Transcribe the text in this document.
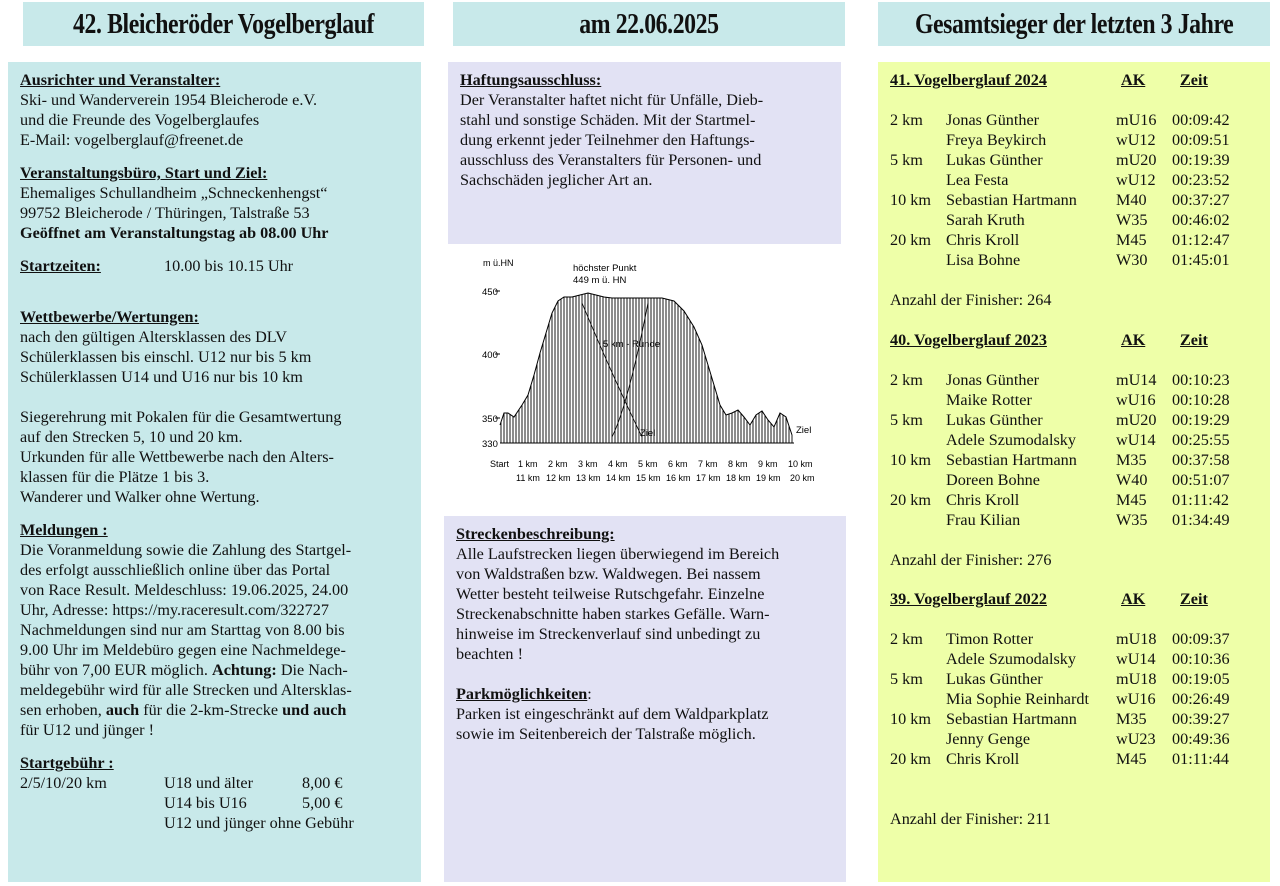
42. Bleicheröder Vogelberglauf	am 22.06.2025	Gesamtsieger der letzten 3 Jahre
Ausrichter und Veranstalter:
Ski- und Wanderverein 1954 Bleicherode e.V.
und die Freunde des Vogelberglaufes
E-Mail: vogelberglauf@freenet.de
Veranstaltungsbüro, Start und Ziel:
Ehemaliges Schullandheim „Schneckenhengst“
99752 Bleicherode / Thüringen, Talstraße 53
Geöffnet am Veranstaltungstag ab 08.00 Uhr
Startzeiten:	10.00 bis 10.15 Uhr
Wettbewerbe/Wertungen:
nach den gültigen Altersklassen des DLV
Schülerklassen bis einschl. U12 nur bis 5 km
Schülerklassen U14 und U16 nur bis 10 km
Siegerehrung mit Pokalen für die Gesamtwertung
auf den Strecken 5, 10 und 20 km.
Urkunden für alle Wettbewerbe nach den Alters-
klassen für die Plätze 1 bis 3.
Wanderer und Walker ohne Wertung.
Meldungen :
Die Voranmeldung sowie die Zahlung des Startgel-
des erfolgt ausschließlich online über das Portal
von Race Result. Meldeschluss: 19.06.2025, 24.00
Uhr, Adresse: https://my.raceresult.com/322727
Nachmeldungen sind nur am Starttag von 8.00 bis
9.00 Uhr im Meldebüro gegen eine Nachmeldege-
bühr von 7,00 EUR möglich. Achtung: Die Nach-
meldegebühr wird für alle Strecken und Altersklas-
sen erhoben, auch für die 2-km-Strecke und auch
für U12 und jünger !
Startgebühr :
2/5/10/20 km	U18 und älter	8,00 €
U14 bis U16	5,00 €
U12 und jünger ohne Gebühr
Haftungsausschluss:
Der Veranstalter haftet nicht für Unfälle, Dieb-
stahl und sonstige Schäden. Mit der Startmel-
dung erkennt jeder Teilnehmer den Haftungs-
ausschluss des Veranstalters für Personen- und
Sachschäden jeglicher Art an.
m ü.HN	höchster Punkt
449 m ü. HN
450
400
350
330
5 km - Runde
Ziel	Ziel
Start 1 km 2 km 3 km 4 km 5 km 6 km 7 km 8 km 9 km 10 km
11 km 12 km 13 km 14 km 15 km 16 km 17 km 18 km 19 km 20 km
Streckenbeschreibung:
Alle Laufstrecken liegen überwiegend im Bereich
von Waldstraßen bzw. Waldwegen. Bei nassem
Wetter besteht teilweise Rutschgefahr. Einzelne
Streckenabschnitte haben starkes Gefälle. Warn-
hinweise im Streckenverlauf sind unbedingt zu
beachten !
Parkmöglichkeiten:
Parken ist eingeschränkt auf dem Waldparkplatz
sowie im Seitenbereich der Talstraße möglich.
41. Vogelberglauf 2024	AK Zeit
2 km Jonas Günther	mU16 00:09:42
Freya Beykirch	wU12 00:09:51
5 km Lukas Günther	mU20 00:19:39
Lea Festa	wU12 00:23:52
10 km Sebastian Hartmann M40 00:37:27
Sarah Kruth	W35 00:46:02
20 km Chris Kroll	M45 01:12:47
Lisa Bohne	W30 01:45:01
Anzahl der Finisher: 264
40. Vogelberglauf 2023	AK Zeit
2 km Jonas Günther	mU14 00:10:23
Maike Rotter	wU16 00:10:28
5 km Lukas Günther	mU20 00:19:29
Adele Szumodalsky wU14 00:25:55
10 km Sebastian Hartmann M35 00:37:58
Doreen Bohne	W40 00:51:07
20 km Chris Kroll	M45 01:11:42
Frau Kilian	W35 01:34:49
Anzahl der Finisher: 276
39. Vogelberglauf 2022	AK Zeit
2 km Timon Rotter	mU18 00:09:37
Adele Szumodalsky wU14 00:10:36
5 km Lukas Günther	mU18 00:19:05
Mia Sophie Reinhardt wU16 00:26:49
10 km Sebastian Hartmann M35 00:39:27
Jenny Genge	wU23 00:49:36
20 km Chris Kroll	M45 01:11:44
Anzahl der Finisher: 211
